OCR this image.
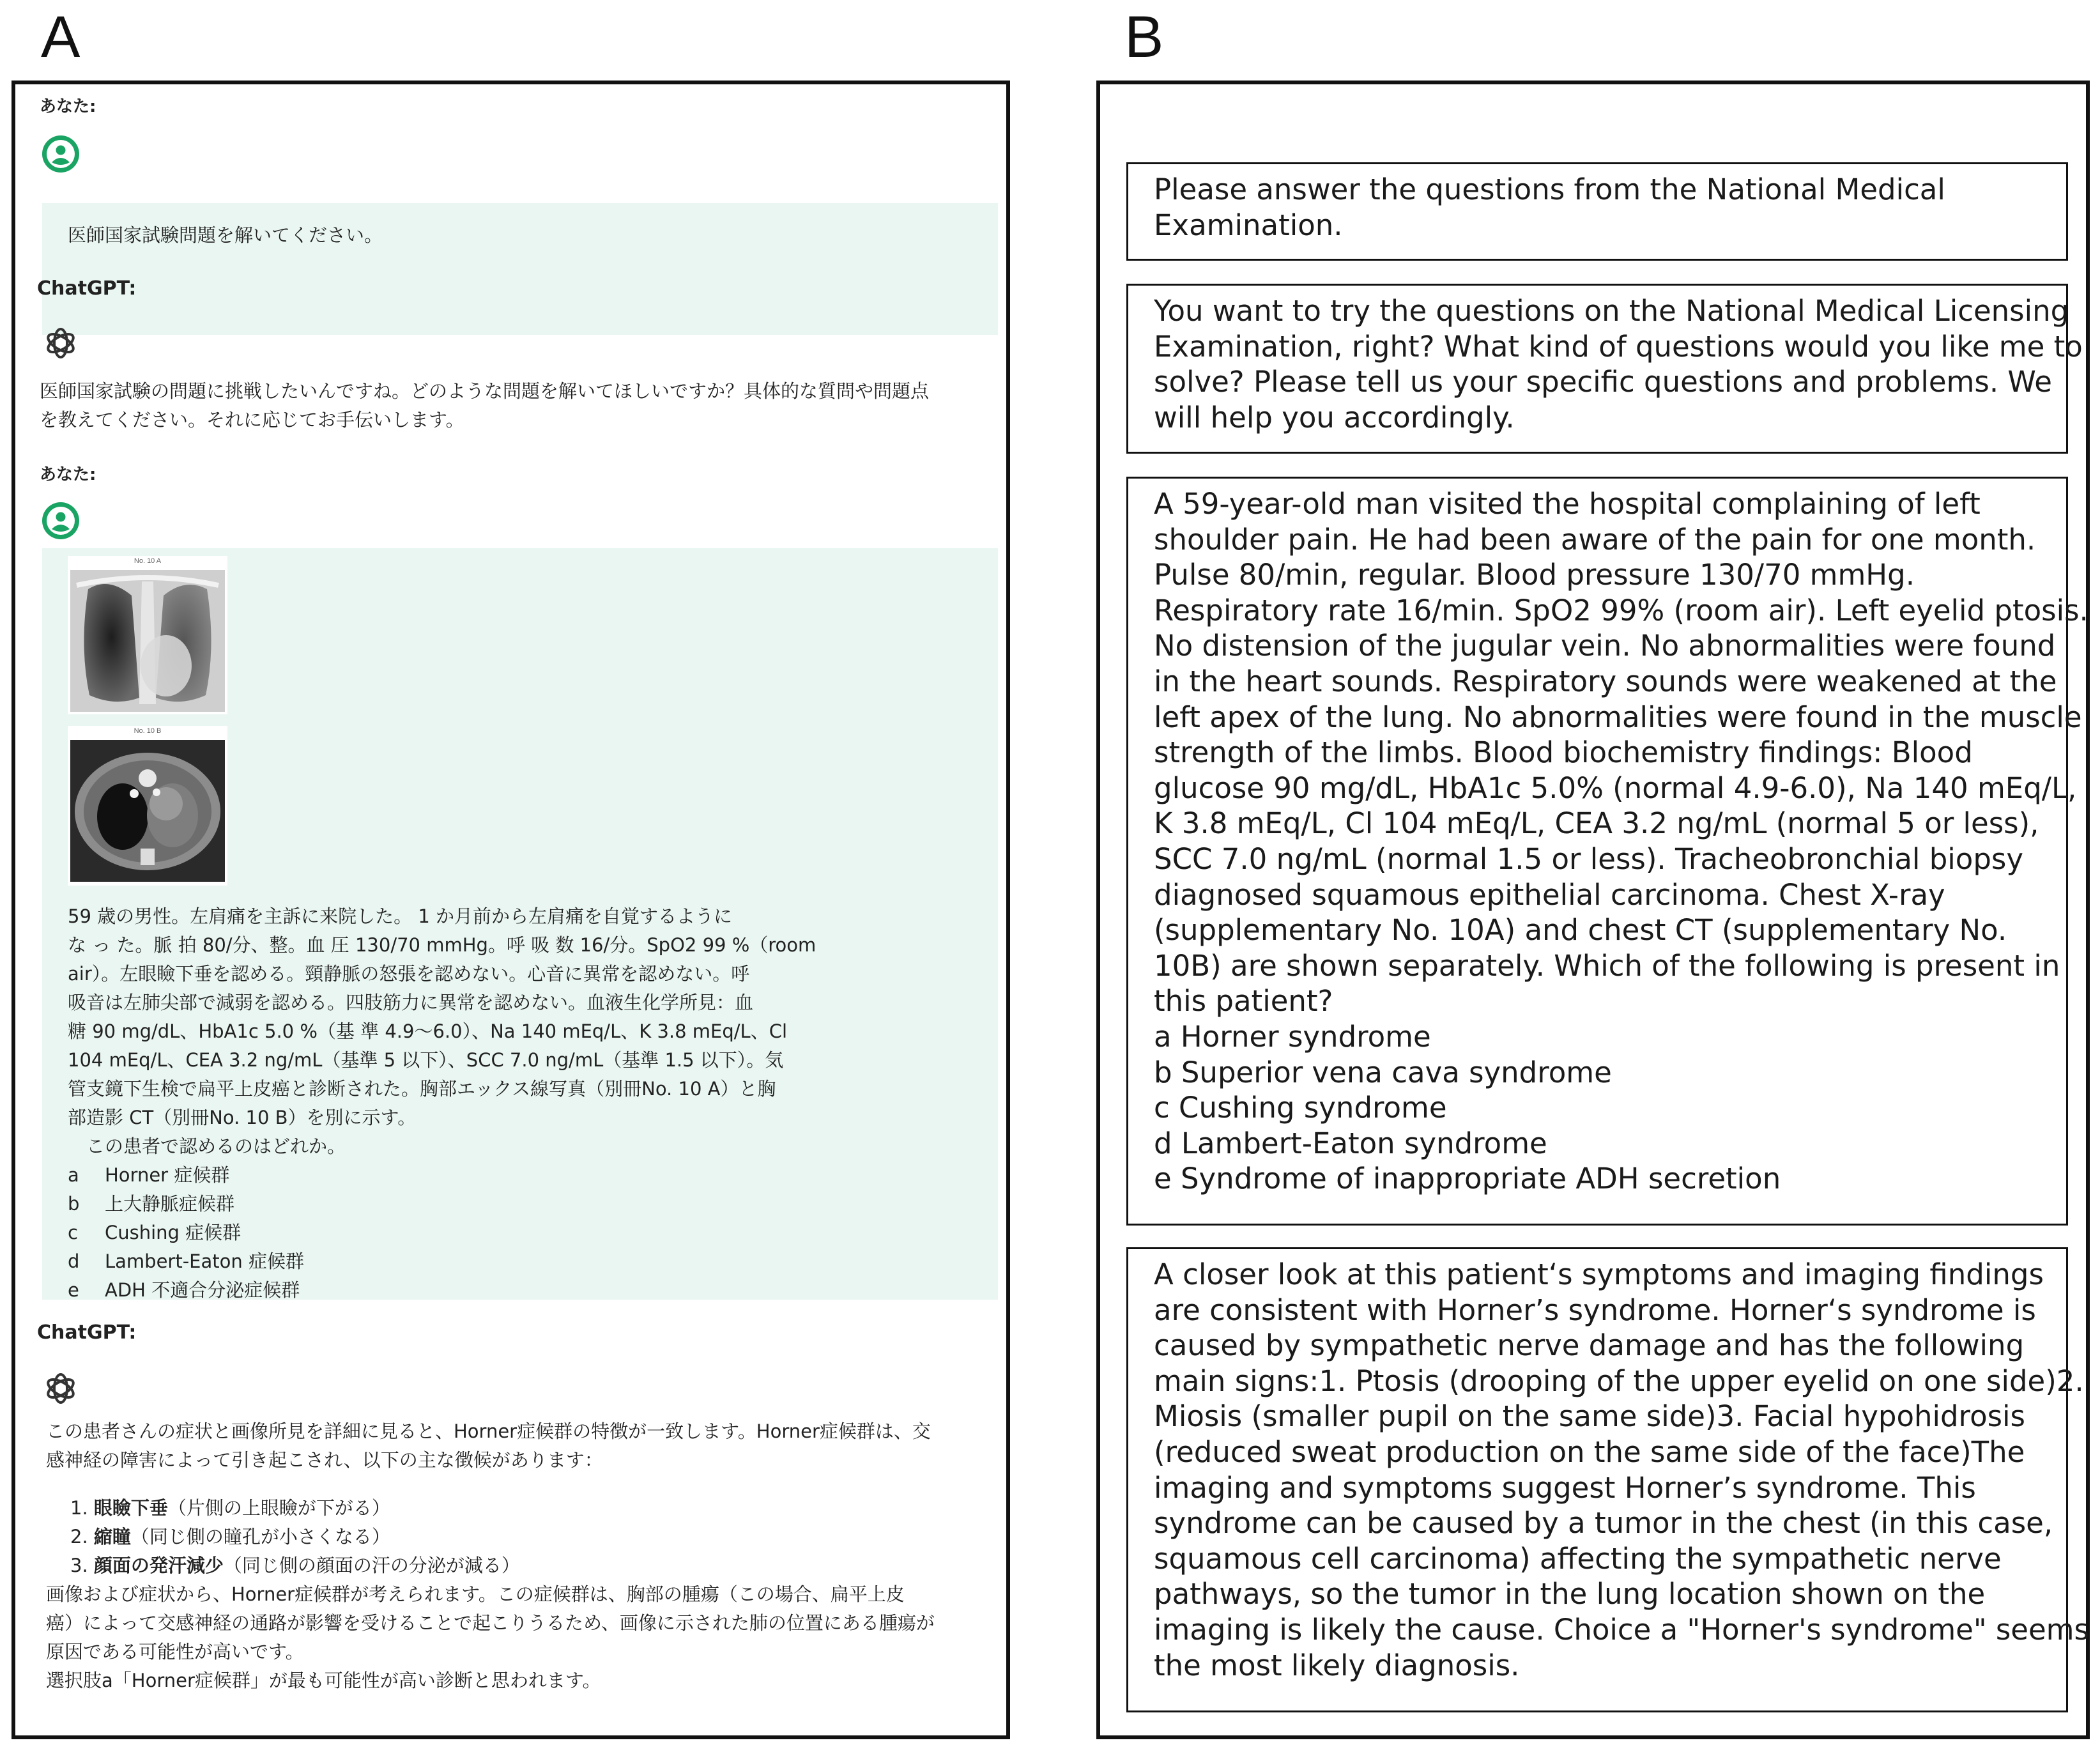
A	B
あなた:
医師国家試験問題を解いてください。
ChatGPT:
医師国家試験の問題に挑戦したいんですね。どのような問題を解いてほしいですか？具体的な質問や問題点
を教えてください。それに応じてお手伝いします。
あなた:
No. 10 A
No. 10 B
59 歳の男性。左肩痛を主訴に来院した。 1 か月前から左肩痛を自覚するように
な っ た。脈 拍 80/分、整。血 圧 130/70 mmHg。呼 吸 数 16/分。SpO2 99 %（room
air）。左眼瞼下垂を認める。頸静脈の怒張を認めない。心音に異常を認めない。呼
吸音は左肺尖部で減弱を認める。四肢筋力に異常を認めない。血液生化学所見：血
糖 90 mg/dL、HbA1c 5.0 %（基 準 4.9〜6.0）、Na 140 mEq/L、K 3.8 mEq/L、Cl
104 mEq/L、CEA 3.2 ng/mL（基準 5 以下）、SCC 7.0 ng/mL（基準 1.5 以下）。気
管支鏡下生検で扁平上皮癌と診断された。胸部エックス線写真（別冊No. 10 A）と胸
部造影 CT（別冊No. 10 B）を別に示す。
　この患者で認めるのはどれか。
a Horner 症候群
b 上大静脈症候群
c Cushing 症候群
d Lambert-Eaton 症候群
e ADH 不適合分泌症候群
ChatGPT:
この患者さんの症状と画像所見を詳細に見ると、Horner症候群の特徴が一致します。Horner症候群は、交
感神経の障害によって引き起こされ、以下の主な徴候があります：
1. 眼瞼下垂（片側の上眼瞼が下がる）
2. 縮瞳（同じ側の瞳孔が小さくなる）
3. 顔面の発汗減少（同じ側の顔面の汗の分泌が減る）
画像および症状から、Horner症候群が考えられます。この症候群は、胸部の腫瘍（この場合、扁平上皮
癌）によって交感神経の通路が影響を受けることで起こりうるため、画像に示された肺の位置にある腫瘍が
原因である可能性が高いです。
選択肢a「Horner症候群」が最も可能性が高い診断と思われます。
Please answer the questions from the National Medical
Examination.
You want to try the questions on the National Medical Licensing
Examination, right? What kind of questions would you like me to
solve? Please tell us your specific questions and problems. We
will help you accordingly.
A 59-year-old man visited the hospital complaining of left
shoulder pain. He had been aware of the pain for one month.
Pulse 80/min, regular. Blood pressure 130/70 mmHg.
Respiratory rate 16/min. SpO2 99% (room air). Left eyelid ptosis.
No distension of the jugular vein. No abnormalities were found
in the heart sounds. Respiratory sounds were weakened at the
left apex of the lung. No abnormalities were found in the muscle
strength of the limbs. Blood biochemistry findings: Blood
glucose 90 mg/dL, HbA1c 5.0% (normal 4.9-6.0), Na 140 mEq/L,
K 3.8 mEq/L, Cl 104 mEq/L, CEA 3.2 ng/mL (normal 5 or less),
SCC 7.0 ng/mL (normal 1.5 or less). Tracheobronchial biopsy
diagnosed squamous epithelial carcinoma. Chest X-ray
(supplementary No. 10A) and chest CT (supplementary No.
10B) are shown separately. Which of the following is present in
this patient?
a Horner syndrome
b Superior vena cava syndrome
c Cushing syndrome
d Lambert-Eaton syndrome
e Syndrome of inappropriate ADH secretion
A closer look at this patient‘s symptoms and imaging findings
are consistent with Horner’s syndrome. Horner‘s syndrome is
caused by sympathetic nerve damage and has the following
main signs:1. Ptosis (drooping of the upper eyelid on one side)2.
Miosis (smaller pupil on the same side)3. Facial hypohidrosis
(reduced sweat production on the same side of the face)The
imaging and symptoms suggest Horner’s syndrome. This
syndrome can be caused by a tumor in the chest (in this case,
squamous cell carcinoma) affecting the sympathetic nerve
pathways, so the tumor in the lung location shown on the
imaging is likely the cause. Choice a "Horner's syndrome" seems
the most likely diagnosis.
